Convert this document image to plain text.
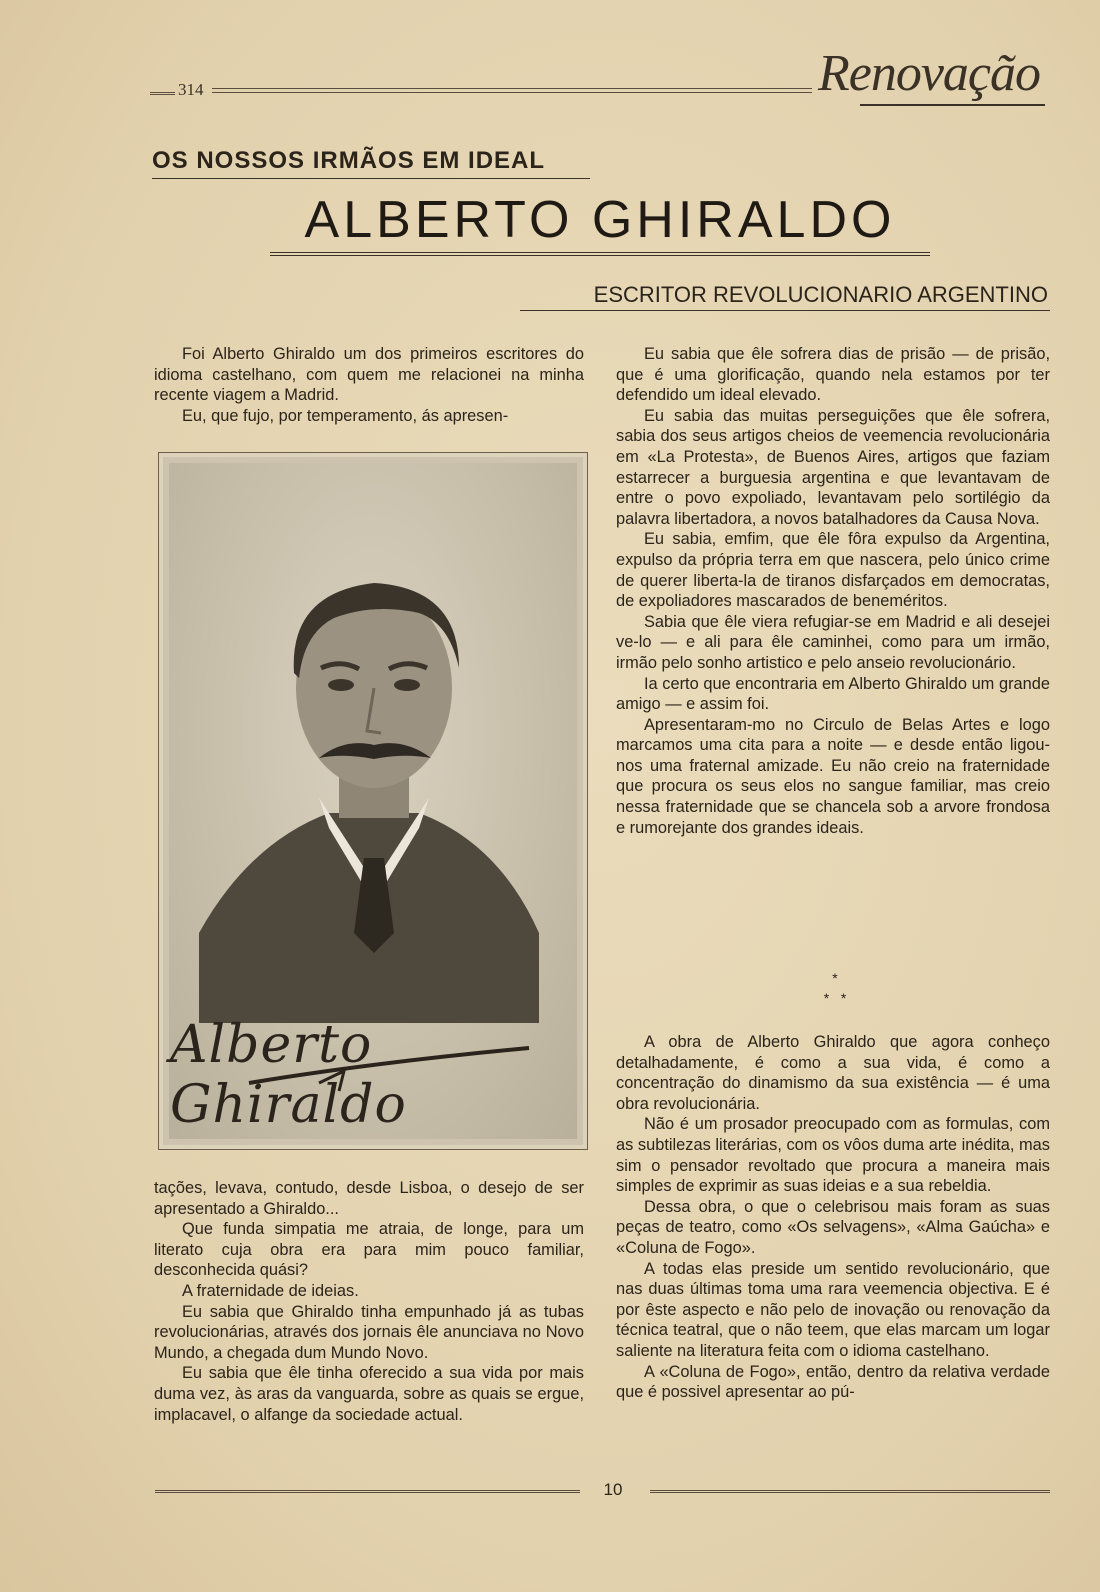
314	Renovação
OS NOSSOS IRMÃOS EM IDEAL
ALBERTO GHIRALDO
ESCRITOR REVOLUCIONARIO ARGENTINO

Foi Alberto Ghiraldo um dos primeiros escritores do idioma castelhano, com quem me relacionei na minha recente viagem a Madrid.

Eu, que fujo, por temperamento, ás apresen-

Alberto Ghiraldo

tações, levava, contudo, desde Lisboa, o desejo de ser apresentado a Ghiraldo...

Que funda simpatia me atraia, de longe, para um literato cuja obra era para mim pouco familiar, desconhecida quási?

A fraternidade de ideias.

Eu sabia que Ghiraldo tinha empunhado já as tubas revolucionárias, através dos jornais êle anunciava no Novo Mundo, a chegada dum Mundo Novo.

Eu sabia que êle tinha oferecido a sua vida por mais duma vez, às aras da vanguarda, sobre as quais se ergue, implacavel, o alfange da sociedade actual.

Eu sabia que êle sofrera dias de prisão — de prisão, que é uma glorificação, quando nela estamos por ter defendido um ideal elevado.

Eu sabia das muitas perseguições que êle sofrera, sabia dos seus artigos cheios de veemencia revolucionária em «La Protesta», de Buenos Aires, artigos que faziam estarrecer a burguesia argentina e que levantavam de entre o povo expoliado, levantavam pelo sortilégio da palavra libertadora, a novos batalhadores da Causa Nova.

Eu sabia, emfim, que êle fôra expulso da Argentina, expulso da própria terra em que nascera, pelo único crime de querer liberta-la de tiranos disfarçados em democratas, de expoliadores mascarados de beneméritos.

Sabia que êle viera refugiar-se em Madrid e ali desejei ve-lo — e ali para êle caminhei, como para um irmão, irmão pelo sonho artistico e pelo anseio revolucionário.

Ia certo que encontraria em Alberto Ghiraldo um grande amigo — e assim foi.

Apresentaram-mo no Circulo de Belas Artes e logo marcamos uma cita para a noite — e desde então ligou-nos uma fraternal amizade. Eu não creio na fraternidade que procura os seus elos no sangue familiar, mas creio nessa fraternidade que se chancela sob a arvore frondosa e rumorejante dos grandes ideais.

*
*   *

A obra de Alberto Ghiraldo que agora conheço detalhadamente, é como a sua vida, é como a concentração do dinamismo da sua existência — é uma obra revolucionária.

Não é um prosador preocupado com as formulas, com as subtilezas literárias, com os vôos duma arte inédita, mas sim o pensador revoltado que procura a maneira mais simples de exprimir as suas ideias e a sua rebeldia.

Dessa obra, o que o celebrisou mais foram as suas peças de teatro, como «Os selvagens», «Alma Gaúcha» e «Coluna de Fogo».

A todas elas preside um sentido revolucionário, que nas duas últimas toma uma rara veemencia objectiva. E é por êste aspecto e não pelo de inovação ou renovação da técnica teatral, que o não teem, que elas marcam um logar saliente na literatura feita com o idioma castelhano.

A «Coluna de Fogo», então, dentro da relativa verdade que é possivel apresentar ao pú-

10
